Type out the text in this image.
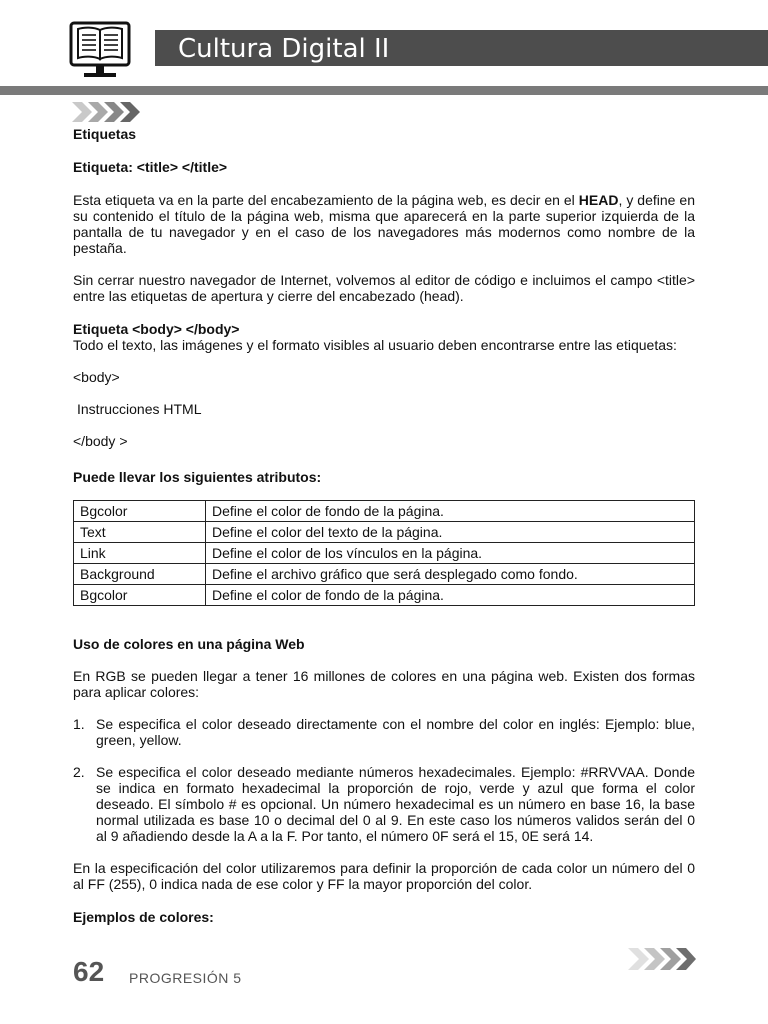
Cultura Digital II

Etiquetas

Etiqueta: <title> </title>

Esta etiqueta va en la parte del encabezamiento de la página web, es decir en el HEAD, y define en su contenido el título de la página web, misma que aparecerá en la parte superior izquierda de la pantalla de tu navegador y en el caso de los navegadores más modernos como nombre de la pestaña.

Sin cerrar nuestro navegador de Internet, volvemos al editor de código e incluimos el campo <title> entre las etiquetas de apertura y cierre del encabezado (head).

Etiqueta <body> </body>

Todo el texto, las imágenes y el formato visibles al usuario deben encontrarse entre las etiquetas:

<body>

Instrucciones HTML

</body >

Puede llevar los siguientes atributos:

Bgcolor	Define el color de fondo de la página.
Text	Define el color del texto de la página.
Link	Define el color de los vínculos en la página.
Background	Define el archivo gráfico que será desplegado como fondo.
Bgcolor	Define el color de fondo de la página.

Uso de colores en una página Web

En RGB se pueden llegar a tener 16 millones de colores en una página web. Existen dos formas para aplicar colores:

1. Se especifica el color deseado directamente con el nombre del color en inglés: Ejemplo: blue, green, yellow.
2. Se especifica el color deseado mediante números hexadecimales. Ejemplo: #RRVVAA. Donde se indica en formato hexadecimal la proporción de rojo, verde y azul que forma el color deseado. El símbolo # es opcional. Un número hexadecimal es un número en base 16, la base normal utilizada es base 10 o decimal del 0 al 9. En este caso los números validos serán del 0 al 9 añadiendo desde la A a la F. Por tanto, el número 0F será el 15, 0E será 14.

En la especificación del color utilizaremos para definir la proporción de cada color un número del 0 al FF (255), 0 indica nada de ese color y FF la mayor proporción del color.

Ejemplos de colores:

62 PROGRESIÓN 5
